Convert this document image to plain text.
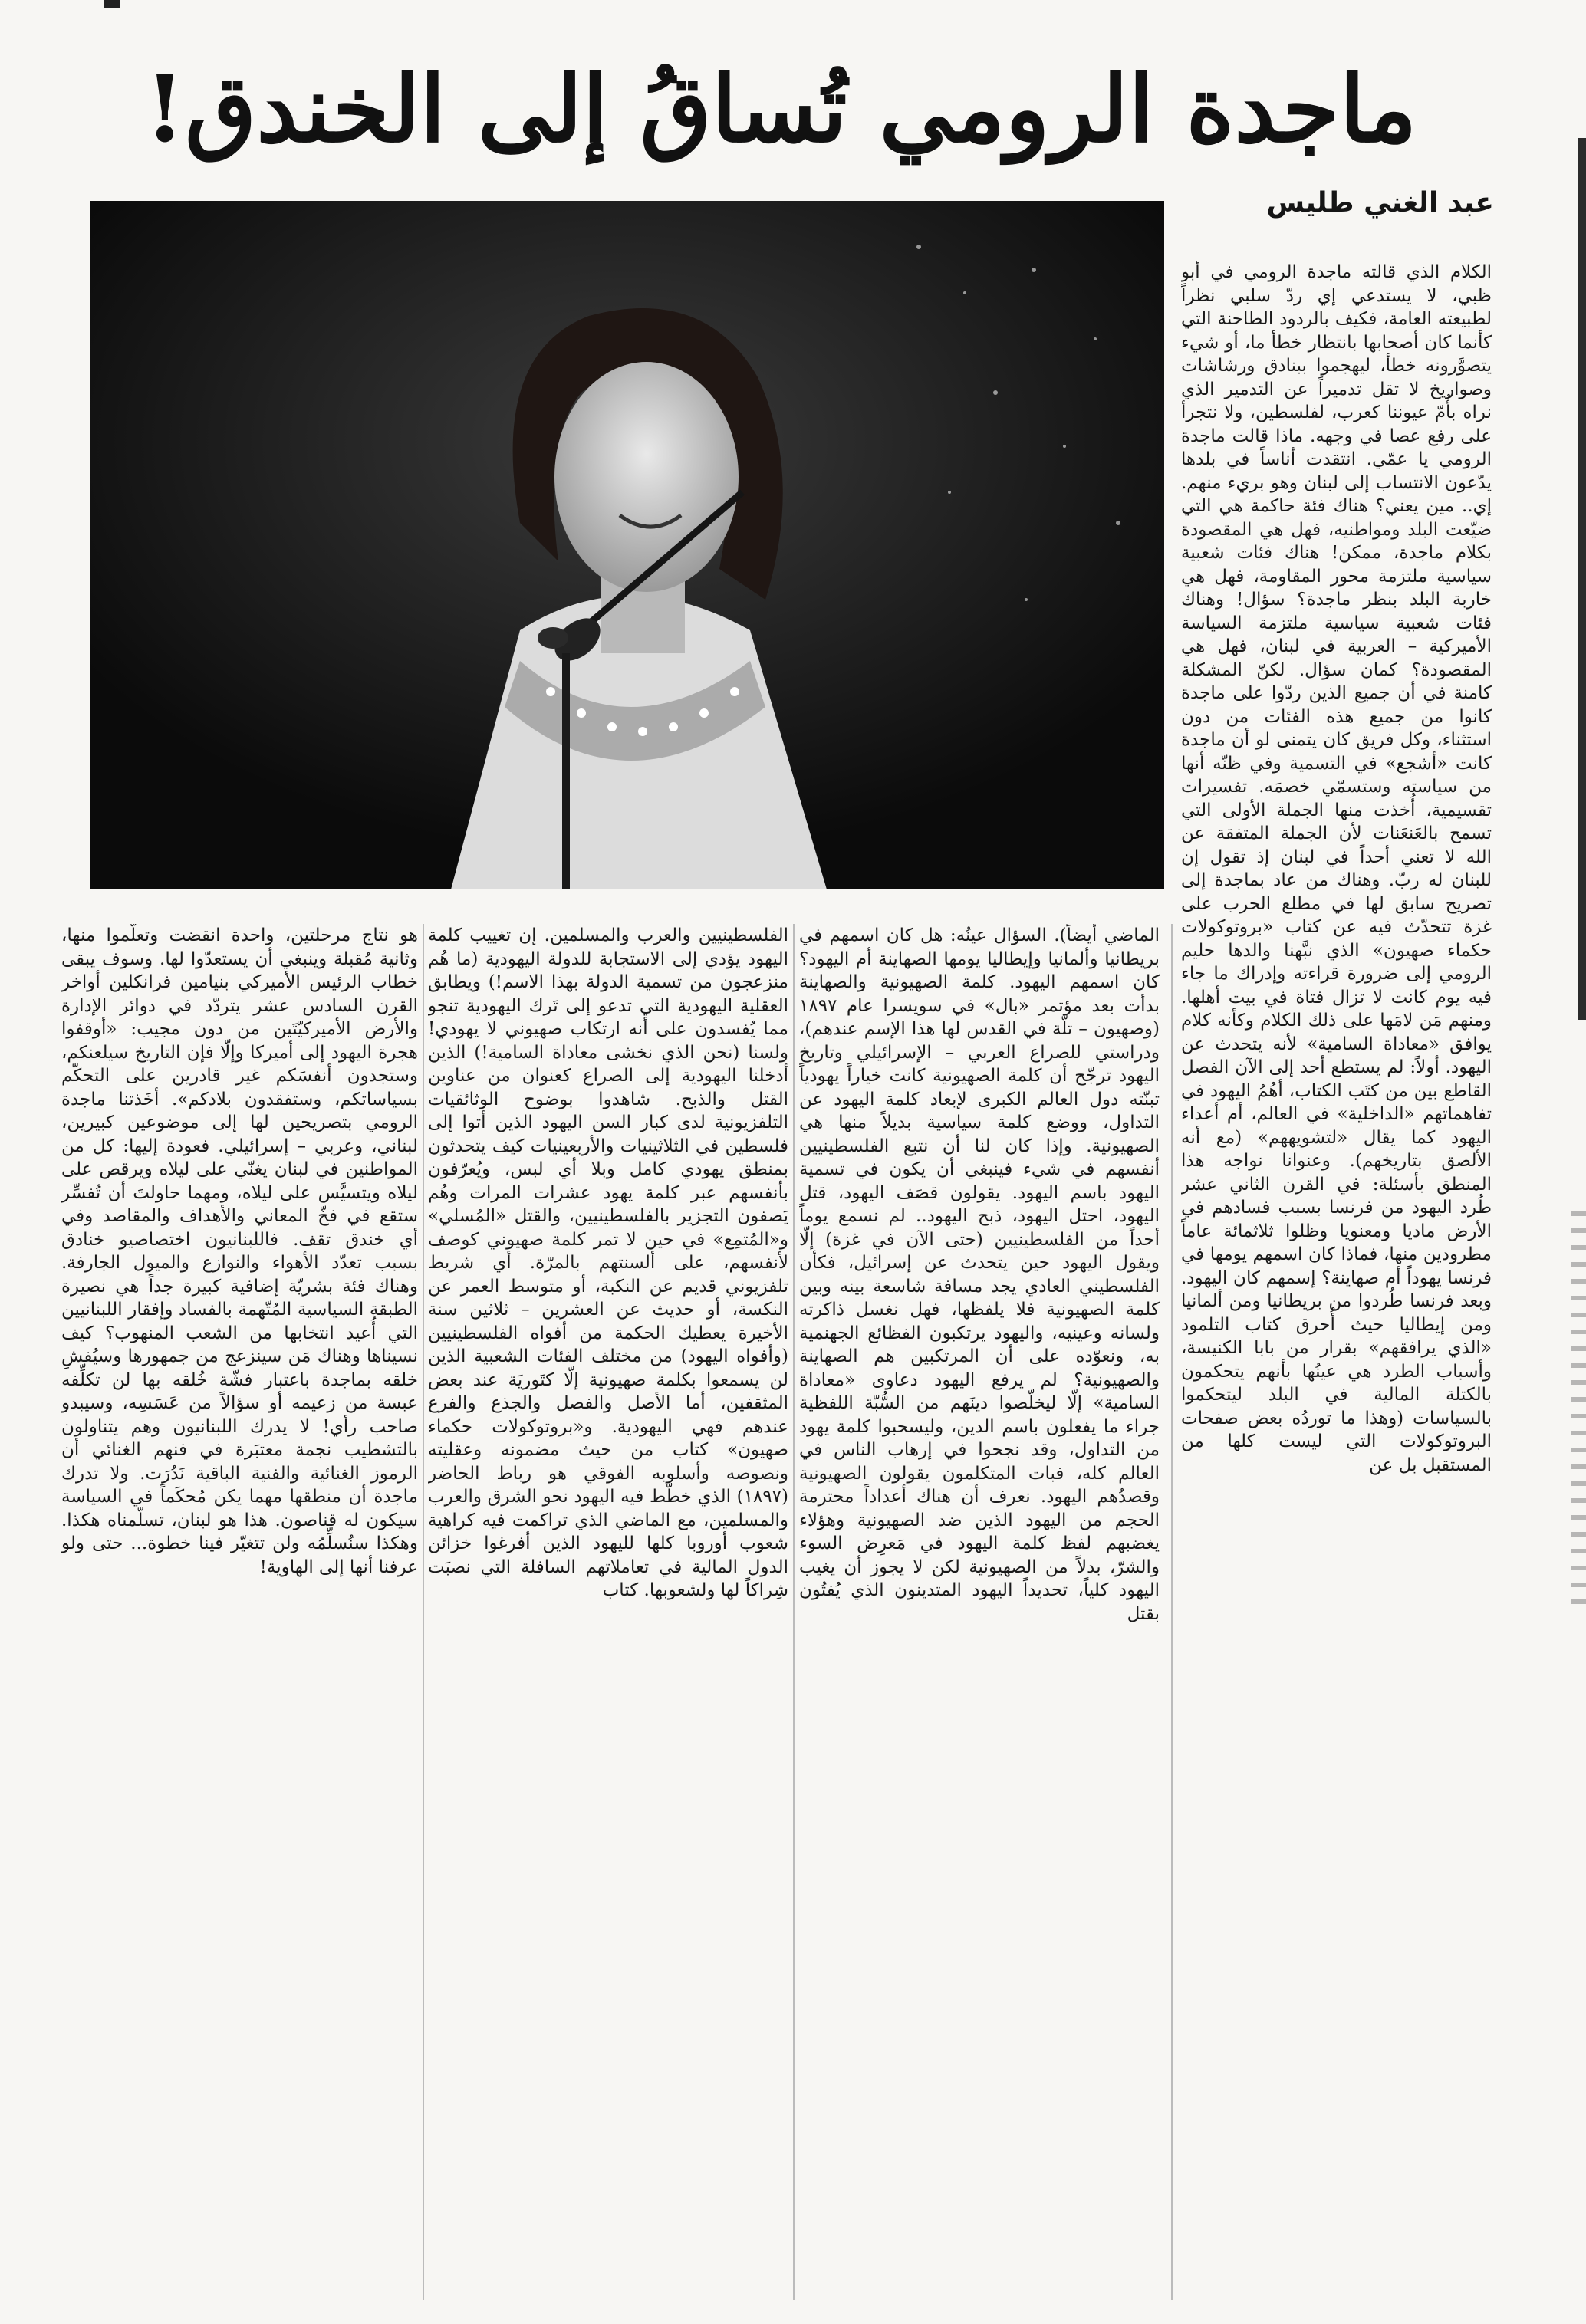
ماجدة الرومي تُساقُ إلى الخندق!
عبد الغني طليس

الكلام الذي قالته ماجدة الرومي في أبو ظبي، لا يستدعي إي ردّ سلبي نظراً لطبيعته العامة، فكيف بالردود الطاحنة التي كأنما كان أصحابها بانتظار خطأ ما، أو شيء يتصوَّرونه خطأ، ليهجموا ببنادق ورشاشات وصواريخ لا تقل تدميراً عن التدمير الذي نراه بأُمّ عيوننا كعرب، لفلسطين، ولا نتجرأ على رفع عصا في وجهه. ماذا قالت ماجدة الرومي يا عمّي. انتقدت أناساً في بلدها يدّعون الانتساب إلى لبنان وهو بريء منهم. إي.. مين يعني؟ هناك فئة حاكمة هي التي ضيّعت البلد ومواطنيه، فهل هي المقصودة بكلام ماجدة، ممكن! هناك فئات شعبية سياسية ملتزمة محور المقاومة، فهل هي خاربة البلد بنظر ماجدة؟ سؤال! وهناك فئات شعبية سياسية ملتزمة السياسة الأميركية – العربية في لبنان، فهل هي المقصودة؟ كمان سؤال. لكنّ المشكلة كامنة في أن جميع الذين ردّوا على ماجدة كانوا من جميع هذه الفئات من دون استثناء، وكل فريق كان يتمنى لو أن ماجدة كانت «أشجع» في التسمية وفي ظنّه أنها من سياسته وستسمّي خصمَه. تفسيرات تقسيمية، أُخذت منها الجملة الأولى التي تسمح بالعَنعَنات لأن الجملة المتفقة عن الله لا تعني أحداً في لبنان إذ تقول إن للبنان له ربّ. وهناك من عاد بماجدة إلى تصريح سابق لها في مطلع الحرب على غزة تتحدّث فيه عن كتاب «بروتوكولات حكماء صهيون» الذي نبَّهنا والدها حليم الرومي إلى ضرورة قراءته وإدراك ما جاء فيه يوم كانت لا تزال فتاة في بيت أهلها. ومنهم مَن لامَها على ذلك الكلام وكأنه كلام يوافق «معاداة السامية» لأنه يتحدث عن اليهود. أولاً: لم يستطع أحد إلى الآن الفصل القاطع بين من كتَب الكتاب، أهُمُ اليهود في تفاهماتهم «الداخلية» في العالم، أم أعداء اليهود كما يقال «لتشويههم» (مع أنه الألصق بتاريخهم). وعنوانا نواجه هذا المنطق بأسئلة: في القرن الثاني عشر طُرد اليهود من فرنسا بسبب فسادهم في الأرض ماديا ومعنويا وظلوا ثلاثمائة عاماً مطرودين منها، فماذا كان اسمهم يومها في فرنسا يهوداً أم صهاينة؟ إسمهم كان اليهود. وبعد فرنسا طُردوا من بريطانيا ومن ألمانيا ومن إيطاليا حيث أُحرق كتاب التلمود «الذي يرافقهم» بقرار من بابا الكنيسة، وأسباب الطرد هي عينُها بأنهم يتحكمون بالكتلة المالية في البلد ليتحكموا بالسياسات (وهذا ما توردُه بعض صفحات البروتوكولات التي ليست كلها من المستقبل بل عن

الماضي أيضاً). السؤال عينُه: هل كان اسمهم في بريطانيا وألمانيا وإيطاليا يومها الصهاينة أم اليهود؟ كان اسمهم اليهود. كلمة الصهيونية والصهاينة بدأت بعد مؤتمر «بال» في سويسرا عام ١٨٩٧ (وصهيون – تلّة في القدس لها هذا الإسم عندهم)، ودراستي للصراع العربي – الإسرائيلي وتاريخ اليهود ترجّح أن كلمة الصهيونية كانت خياراً يهودياً تبنّته دول العالم الكبرى لإبعاد كلمة اليهود عن التداول، ووضع كلمة سياسية بديلاً منها هي الصهيونية. وإذا كان لنا أن نتبع الفلسطينيين أنفسهم في شيء فينبغي أن يكون في تسمية اليهود باسم اليهود. يقولون قصَف اليهود، قتل اليهود، احتل اليهود، ذبح اليهود.. لم نسمع يوماً أحداً من الفلسطينيين (حتى الآن في غزة) إلّا ويقول اليهود حين يتحدث عن إسرائيل، فكأن الفلسطيني العادي يجد مسافة شاسعة بينه وبين كلمة الصهيونية فلا يلفظها، فهل نغسل ذاكرته ولسانه وعينيه، واليهود يرتكبون الفظائع الجهنمية به، ونعوّده على أن المرتكبين هم الصهاينة والصهيونية؟ لم يرفع اليهود دعاوى «معاداة السامية» إلّا ليخلّصوا دينَهم من السُّبّة اللفظية جراء ما يفعلون باسم الدين، وليسحبوا كلمة يهود من التداول، وقد نجحوا في إرهاب الناس في العالم كله، فبات المتكلمون يقولون الصهيونية وقصدُهم اليهود. نعرف أن هناك أعداداً محترمة الحجم من اليهود الذين ضد الصهيونية وهؤلاء يغضبهم لفظ كلمة اليهود في مَعرِض السوء والشرّ، بدلاً من الصهيونية لكن لا يجوز أن يغيب اليهود كلياً، تحديداً اليهود المتدينون الذي يُفتُون بقتل

الفلسطينيين والعرب والمسلمين. إن تغييب كلمة اليهود يؤدي إلى الاستجابة للدولة اليهودية (ما هُم منزعجون من تسمية الدولة بهذا الاسم!) ويطابق العقلية اليهودية التي تدعو إلى تَرك اليهودية تنجو مما يُفسدون على أنه ارتكاب صهيوني لا يهودي! ولسنا (نحن الذي نخشى معاداة السامية!) الذين أدخلنا اليهودية إلى الصراع كعنوان من عناوين القتل والذبح. شاهدوا بوضوح الوثائقيات التلفزيونية لدى كبار السن اليهود الذين أتوا إلى فلسطين في الثلاثينيات والأربعينيات كيف يتحدثون بمنطق يهودي كامل وبلا أي لبس، ويُعرّفون بأنفسهم عبر كلمة يهود عشرات المرات وهُم يَصفون التجزير بالفلسطينيين، والقتل «المُسلي» و«المُتمِع» في حين لا تمر كلمة صهيوني كوصف لأنفسهم، على ألسنتهم بالمرّة. أي شريط تلفزيوني قديم عن النكبة، أو متوسط العمر عن النكسة، أو حديث عن العشرين – ثلاثين سنة الأخيرة يعطيك الحكمة من أفواه الفلسطينيين (وأفواه اليهود) من مختلف الفئات الشعبية الذين لن يسمعوا بكلمة صهيونية إلّا كتَوريَة عند بعض المثقفين، أما الأصل والفصل والجذع والفرع عندهم فهي اليهودية. و«بروتوكولات حكماء صهيون» كتاب من حيث مضمونه وعقليته ونصوصه وأسلوبه الفوقي هو رباط الحاضر (١٨٩٧) الذي خطّط فيه اليهود نحو الشرق والعرب والمسلمين، مع الماضي الذي تراكمت فيه كراهية شعوب أوروبا كلها لليهود الذين أفرغوا خزائن الدول المالية في تعاملاتهم السافلة التي نصبَت شِراكاً لها ولشعوبها. كتاب

هو نتاج مرحلتين، واحدة انقضت وتعلّموا منها، وثانية مُقبلة وينبغي أن يستعدّوا لها. وسوف يبقى خطاب الرئيس الأميركي بنيامين فرانكلين أواخر القرن السادس عشر يتردّد في دوائر الإدارة والأرض الأميركيّتَين من دون مجيب: «أوقفوا هجرة اليهود إلى أميركا وإلّا فإن التاريخ سيلعنكم، وستجدون أنفسَكم غير قادرين على التحكّم بسياساتكم، وستفقدون بلادكم». أخَذتنا ماجدة الرومي بتصريحين لها إلى موضوعين كبيرين، لبناني، وعربي – إسرائيلي. فعودة إليها: كل من المواطنين في لبنان يغنّي على ليلاه ويرقص على ليلاه ويتسيَّس على ليلاه، ومهما حاولتَ أن تُفسِّر ستقع في فخّ المعاني والأهداف والمقاصد وفي أي خندق تقف. فاللبنانيون اختصاصيو خنادق بسبب تعدّد الأهواء والنوازع والميول الجارفة. وهناك فئة بشريّة إضافية كبيرة جداً هي نصيرة الطبقة السياسية المُتّهمة بالفساد وإفقار اللبنانيين التي أُعيد انتخابها من الشعب المنهوب؟ كيف نسيناها وهناك مَن سينزعج من جمهورها وسيُفشِ خلقه بماجدة باعتبار فشّة خُلقه بها لن تكلِّفه عبسة من زعيمه أو سؤالاً من عَسَسِه، وسيبدو صاحب رأي! لا يدرك اللبنانيون وهم يتناولون بالتشطيب نجمة معتبَرة في فنهم الغنائي أن الرموز الغنائية والفنية الباقية نَدُرَت. ولا تدرك ماجدة أن منطقها مهما يكن مُحكَماً في السياسة سيكون له قناصون. هذا هو لبنان، تسلّمناه هكذا. وهكذا سنُسلِّمُه ولن تتغيّر فينا خطوة... حتى ولو عرفنا أنها إلى الهاوية!
